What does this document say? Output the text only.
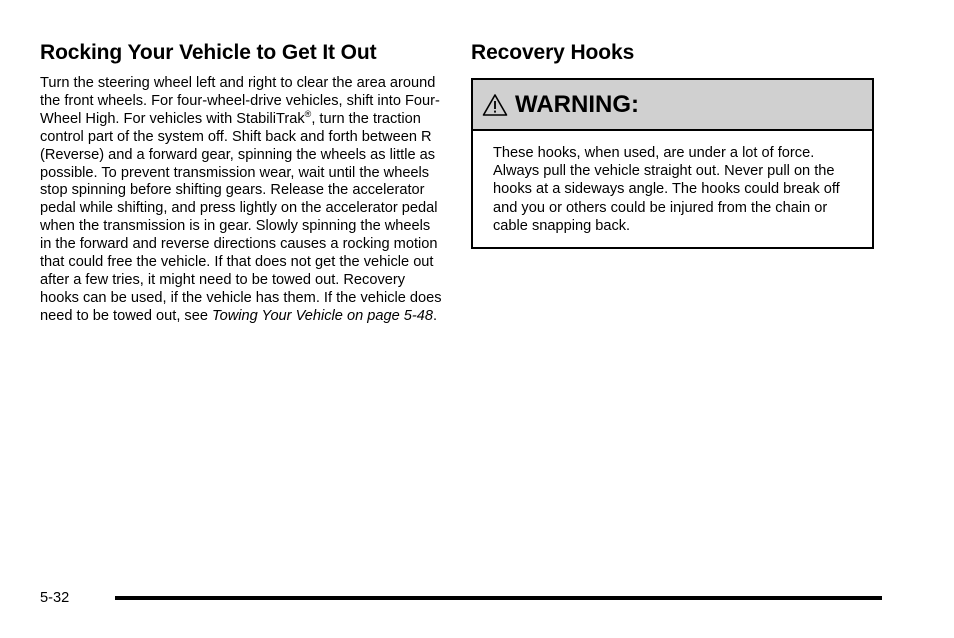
Rocking Your Vehicle to Get It Out
Turn the steering wheel left and right to clear the area around the front wheels. For four-wheel-drive vehicles, shift into Four-Wheel High. For vehicles with StabiliTrak®, turn the traction control part of the system off. Shift back and forth between R (Reverse) and a forward gear, spinning the wheels as little as possible. To prevent transmission wear, wait until the wheels stop spinning before shifting gears. Release the accelerator pedal while shifting, and press lightly on the accelerator pedal when the transmission is in gear. Slowly spinning the wheels in the forward and reverse directions causes a rocking motion that could free the vehicle. If that does not get the vehicle out after a few tries, it might need to be towed out. Recovery hooks can be used, if the vehicle has them. If the vehicle does need to be towed out, see Towing Your Vehicle on page 5-48.
Recovery Hooks
WARNING:
These hooks, when used, are under a lot of force. Always pull the vehicle straight out. Never pull on the hooks at a sideways angle. The hooks could break off and you or others could be injured from the chain or cable snapping back.
5-32
